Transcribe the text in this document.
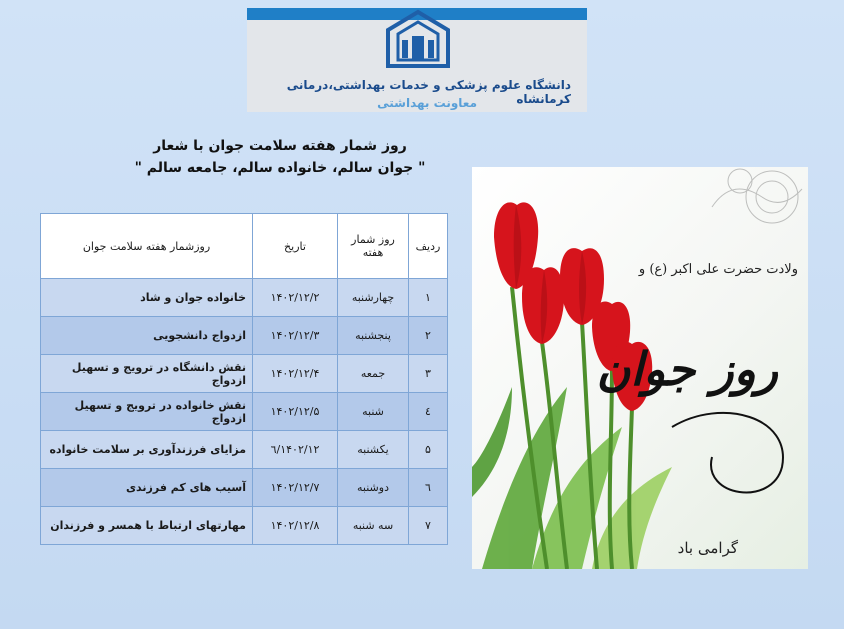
دانشگاه علوم پزشکی و خدمات بهداشتی،درمانی کرمانشاه
معاونت بهداشتی
روز شمار هفته سلامت جوان با شعار
" جوان سالم، خانواده سالم، جامعه سالم "
ردیف	روز شمار هفته	تاریخ	روزشمار هفته سلامت جوان
۱	چهارشنبه	۱۴۰۲/۱۲/۲	خانواده جوان و شاد
۲	پنجشنبه	۱۴۰۲/۱۲/۳	ازدواج دانشجویی
۳	جمعه	۱۴۰۲/۱۲/۴	نقش دانشگاه در ترویج و تسهیل ازدواج
٤	شنبه	۱۴۰۲/۱۲/۵	نقش خانواده در ترویج و تسهیل ازدواج
۵	یکشنبه	۱۴۰۲/۱۲/٦	مزایای فرزندآوری بر سلامت خانواده
٦	دوشنبه	۱۴۰۲/۱۲/۷	آسیب های کم فرزندی
۷	سه شنبه	۱۴۰۲/۱۲/۸	مهارتهای ارتباط با همسر و فرزندان
ولادت حضرت علی اکبر (ع) و
روز جوان
گرامی باد
